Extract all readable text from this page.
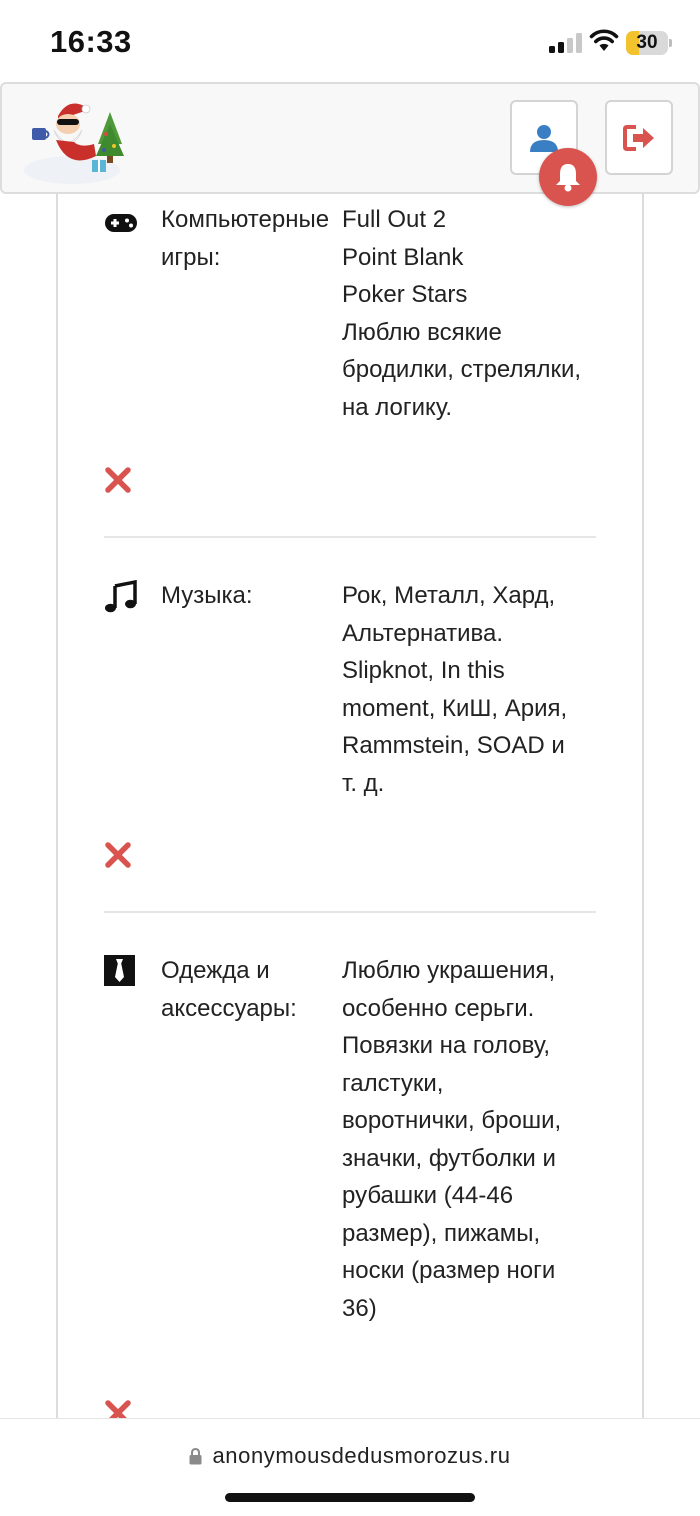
Компьютерные игры:
Full Out 2
Point Blank
Poker Stars
Люблю всякие бродилки, стрелялки, на логику.
Музыка:	Рок, Металл, Хард, Альтернатива. Slipknot, In this moment, КиШ, Ария, Rammstein, SOAD и т. д.
Одежда и аксессуары:
Люблю украшения, особенно серьги. Повязки на голову, галстуки, воротнички, броши, значки, футболки и рубашки (44-46 размер), пижамы, носки (размер ноги 36)
16:33	30
anonymousdedusmorozus.ru
